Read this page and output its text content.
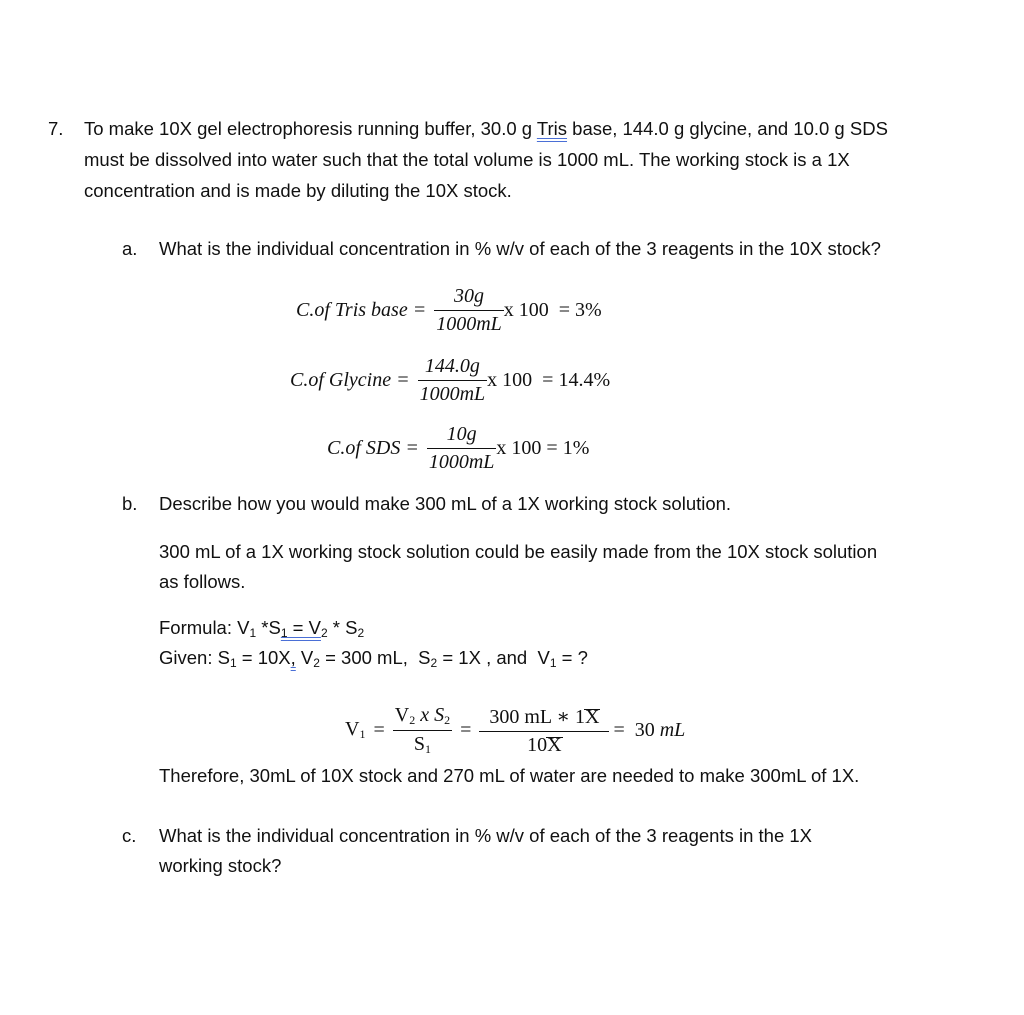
7. To make 10X gel electrophoresis running buffer, 30.0 g Tris base, 144.0 g glycine, and 10.0 g SDS
must be dissolved into water such that the total volume is 1000 mL. The working stock is a 1X
concentration and is made by diluting the 10X stock.
a. What is the individual concentration in % w/v of each of the 3 reagents in the 10X stock?
C.of Tris base = $\frac{30g}{1000mL}$ x 100  = 3%
C.of Glycine = $\frac{144.0g}{1000mL}$ x 100  = 14.4%
C.of SDS = $\frac{10g}{1000mL}$ x 100 = 1%
b. Describe how you would make 300 mL of a 1X working stock solution.
300 mL of a 1X working stock solution could be easily made from the 10X stock solution
as follows.
Formula: $V_1$ $*S_1 = V_2 * S_2$
Given: $S_1 = 10X$, $V_2 = 300$ mL,  $S_2 = 1X$ , and  $V_1$ = ?
$V_1 = \frac{V_2 x S_2}{S_1} = \frac{300 mL ∗ 1X}{10X} = 30$ mL
Therefore, 30mL of 10X stock and 270 mL of water are needed to make 300mL of 1X.
c. What is the individual concentration in % w/v of each of the 3 reagents in the 1X
working stock?
